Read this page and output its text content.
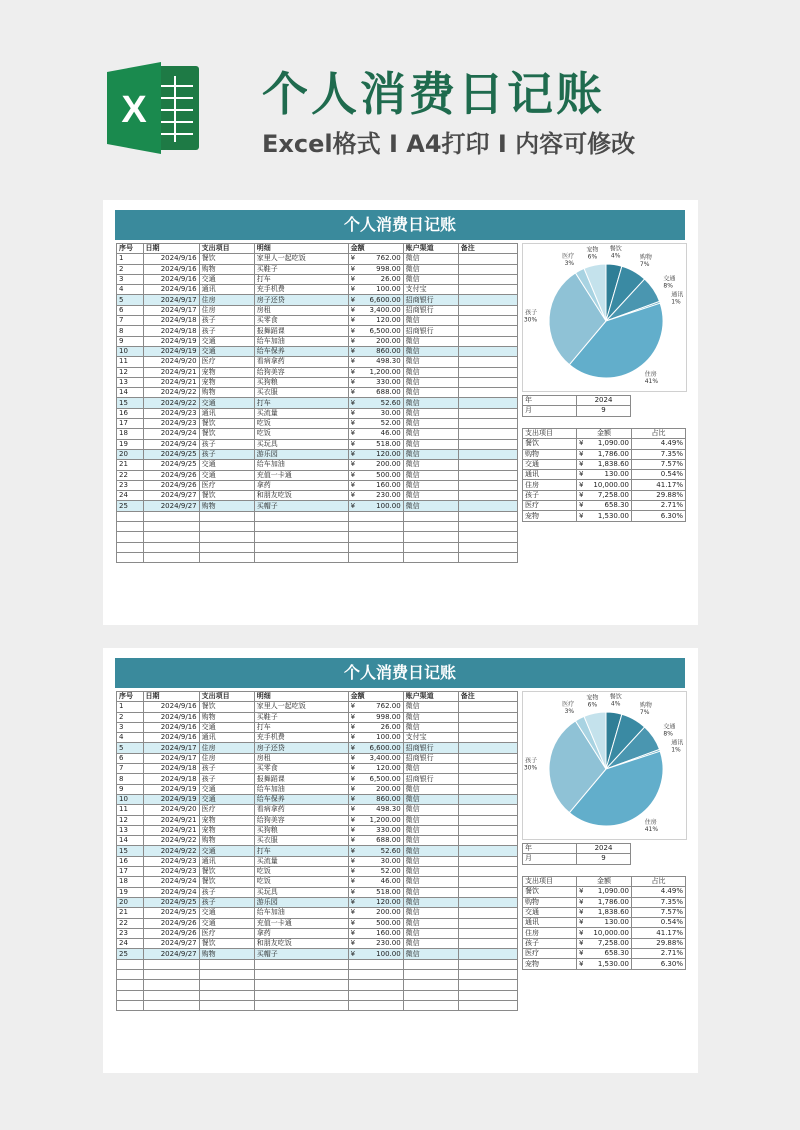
X	个人消费日记账
Excel格式 I A4打印 I 内容可修改
个人消费日记账
序号	日期	支出项目	明细	金额	账户渠道	备注
1	2024/9/16	餐饮	家里人一起吃饭	¥ 762.00	微信	
2	2024/9/16	购物	买鞋子	¥ 998.00	微信	
3	2024/9/16	交通	打车	¥ 26.00	微信	
4	2024/9/16	通讯	充手机费	¥ 100.00	支付宝	
5	2024/9/17	住房	房子还贷	¥ 6,600.00	招商银行	
6	2024/9/17	住房	房租	¥ 3,400.00	招商银行	
7	2024/9/18	孩子	买零食	¥ 120.00	微信	
8	2024/9/18	孩子	报舞蹈课	¥ 6,500.00	招商银行	
9	2024/9/19	交通	给车加油	¥ 200.00	微信	
10	2024/9/19	交通	给车保养	¥ 860.00	微信	
11	2024/9/20	医疗	看病拿药	¥ 498.30	微信	
12	2024/9/21	宠物	给狗美容	¥ 1,200.00	微信	
13	2024/9/21	宠物	买狗粮	¥ 330.00	微信	
14	2024/9/22	购物	买衣服	¥ 688.00	微信	
15	2024/9/22	交通	打车	¥ 52.60	微信	
16	2024/9/23	通讯	买流量	¥ 30.00	微信	
17	2024/9/23	餐饮	吃饭	¥ 52.00	微信	
18	2024/9/24	餐饮	吃饭	¥ 46.00	微信	
19	2024/9/24	孩子	买玩具	¥ 518.00	微信	
20	2024/9/25	孩子	游乐园	¥ 120.00	微信	
21	2024/9/25	交通	给车加油	¥ 200.00	微信	
22	2024/9/26	交通	充值一卡通	¥ 500.00	微信	
23	2024/9/26	医疗	拿药	¥ 160.00	微信	
24	2024/9/27	餐饮	和朋友吃饭	¥ 230.00	微信	
25	2024/9/27	购物	买帽子	¥ 100.00	微信	

餐饮
4%	购物
7%
交通
8%
通讯
1%
住房
41%
孩子
30%
医疗
3%
宠物
6%
年	2024
月	9
支出项目	金额	占比
餐饮	¥ 1,090.00	4.49%
购物	¥ 1,786.00	7.35%
交通	¥ 1,838.60	7.57%
通讯	¥ 130.00	0.54%
住房	¥ 10,000.00	41.17%
孩子	¥ 7,258.00	29.88%
医疗	¥ 658.30	2.71%
宠物	¥ 1,530.00	6.30%
个人消费日记账
序号	日期	支出项目	明细	金额	账户渠道	备注
1	2024/9/16	餐饮	家里人一起吃饭	¥ 762.00	微信	
2	2024/9/16	购物	买鞋子	¥ 998.00	微信	
3	2024/9/16	交通	打车	¥ 26.00	微信	
4	2024/9/16	通讯	充手机费	¥ 100.00	支付宝	
5	2024/9/17	住房	房子还贷	¥ 6,600.00	招商银行	
6	2024/9/17	住房	房租	¥ 3,400.00	招商银行	
7	2024/9/18	孩子	买零食	¥ 120.00	微信	
8	2024/9/18	孩子	报舞蹈课	¥ 6,500.00	招商银行	
9	2024/9/19	交通	给车加油	¥ 200.00	微信	
10	2024/9/19	交通	给车保养	¥ 860.00	微信	
11	2024/9/20	医疗	看病拿药	¥ 498.30	微信	
12	2024/9/21	宠物	给狗美容	¥ 1,200.00	微信	
13	2024/9/21	宠物	买狗粮	¥ 330.00	微信	
14	2024/9/22	购物	买衣服	¥ 688.00	微信	
15	2024/9/22	交通	打车	¥ 52.60	微信	
16	2024/9/23	通讯	买流量	¥ 30.00	微信	
17	2024/9/23	餐饮	吃饭	¥ 52.00	微信	
18	2024/9/24	餐饮	吃饭	¥ 46.00	微信	
19	2024/9/24	孩子	买玩具	¥ 518.00	微信	
20	2024/9/25	孩子	游乐园	¥ 120.00	微信	
21	2024/9/25	交通	给车加油	¥ 200.00	微信	
22	2024/9/26	交通	充值一卡通	¥ 500.00	微信	
23	2024/9/26	医疗	拿药	¥ 160.00	微信	
24	2024/9/27	餐饮	和朋友吃饭	¥ 230.00	微信	
25	2024/9/27	购物	买帽子	¥ 100.00	微信	

餐饮
4%	购物
7%
交通
8%
通讯
1%
住房
41%
孩子
30%
医疗
3%
宠物
6%
年	2024
月	9
支出项目	金额	占比
餐饮	¥ 1,090.00	4.49%
购物	¥ 1,786.00	7.35%
交通	¥ 1,838.60	7.57%
通讯	¥ 130.00	0.54%
住房	¥ 10,000.00	41.17%
孩子	¥ 7,258.00	29.88%
医疗	¥ 658.30	2.71%
宠物	¥ 1,530.00	6.30%
